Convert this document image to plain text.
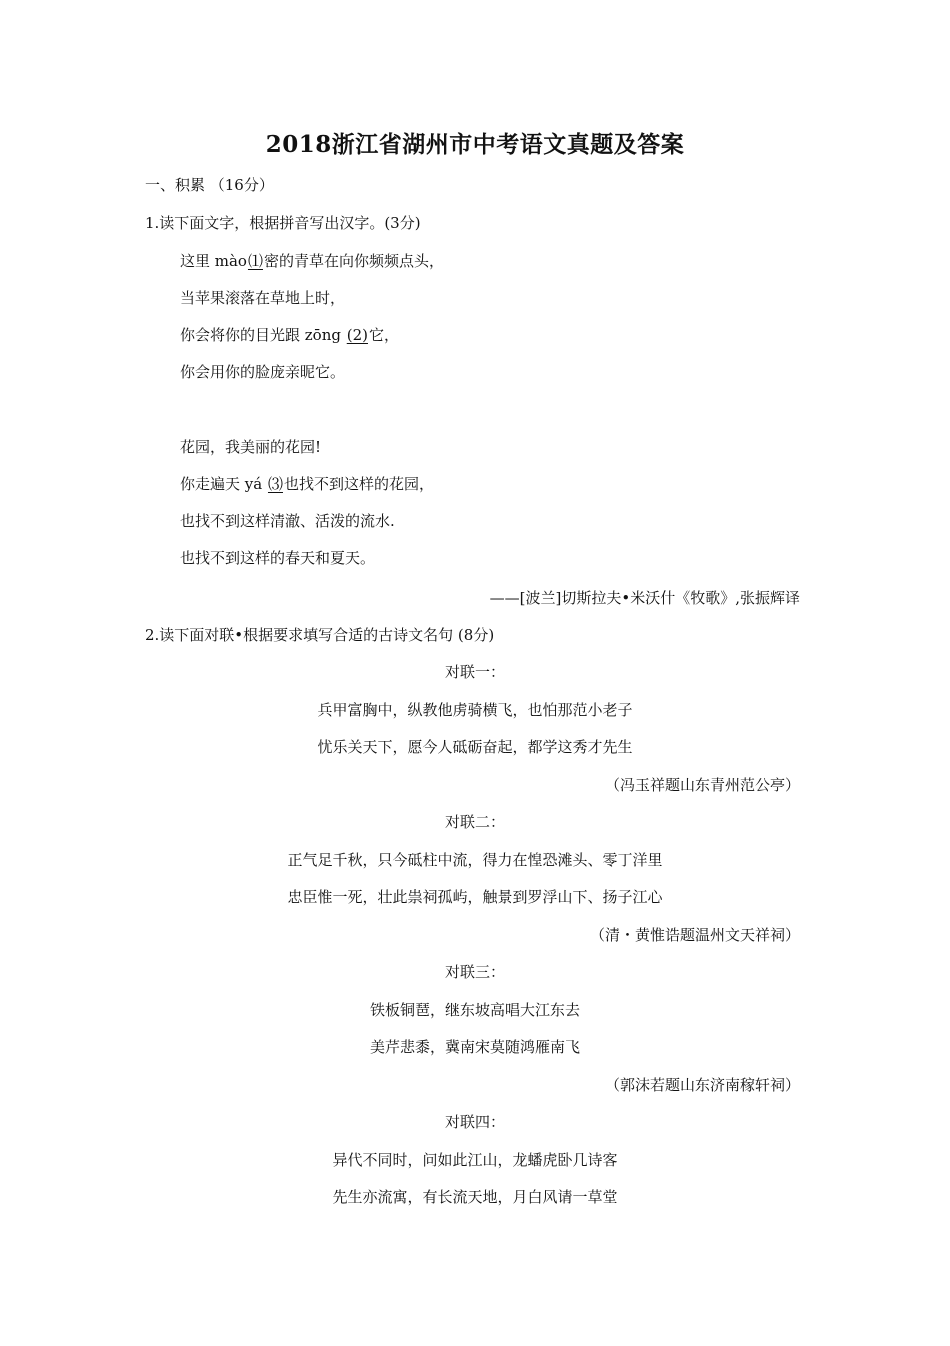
2018浙江省湖州市中考语文真题及答案
一、积累 （16分）
1.读下面文字，根据拼音写出汉字。(3分)
这里 mào⑴密的青草在向你频频点头，
当苹果滚落在草地上时，
你会将你的目光跟 zōng (2)它，
你会用你的脸庞亲昵它。
花园，我美丽的花园!
你走遍天 yá ⑶也找不到这样的花园，
也找不到这样清澈、活泼的流水.
也找不到这样的春天和夏天。
——[波兰]切斯拉夫•米沃什《牧歌》,张振辉译
2.读下面对联•根据要求填写合适的古诗文名句 (8分)
对联一：
兵甲富胸中，纵教他虏骑横飞，也怕那范小老子
忧乐关天下，愿今人砥砺奋起，都学这秀才先生
（冯玉祥题山东青州范公亭）
对联二：
正气足千秋，只今砥柱中流，得力在惶恐滩头、零丁洋里
忠臣惟一死，壮此祟祠孤屿，触景到罗浮山下、扬子江心
（清・黄惟诰题温州文天祥祠）
对联三：
铁板铜琶，继东坡高唱大江东去
美芹悲黍，冀南宋莫随鸿雁南飞
（郭沫若题山东济南稼轩祠）
对联四：
异代不同时，问如此江山，龙蟠虎卧几诗客
先生亦流寓，有长流天地，月白风请一草堂
